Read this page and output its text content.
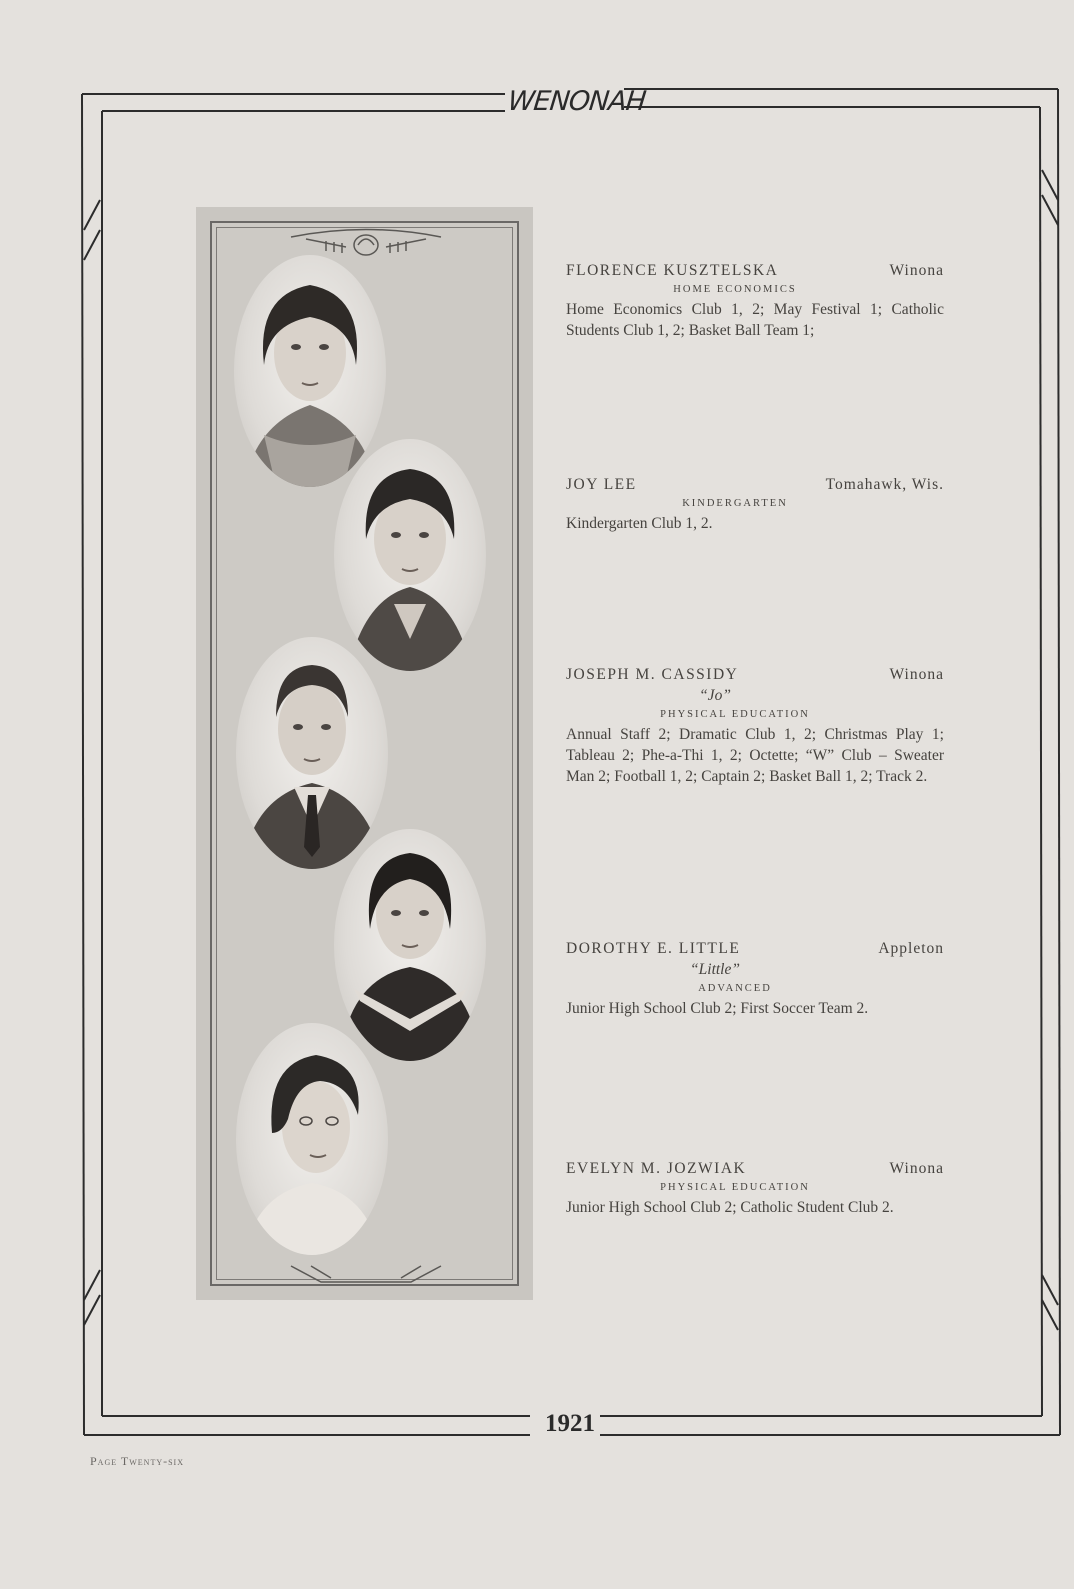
WENONAH
1921
Page Twenty-six
FLORENCE KUSZTELSKA	Winona
HOME ECONOMICS
Home Economics Club 1, 2; May Festival 1; Catholic Students Club 1, 2; Basket Ball Team 1;
JOY LEE	Tomahawk, Wis.
KINDERGARTEN
Kindergarten Club 1, 2.
JOSEPH M. CASSIDY	Winona
“Jo”
PHYSICAL EDUCATION
Annual Staff 2; Dramatic Club 1, 2; Christmas Play 1; Tableau 2; Phe-a-Thi 1, 2; Octette; “W” Club – Sweater Man 2; Football 1, 2; Captain 2; Basket Ball 1, 2; Track 2.
DOROTHY E. LITTLE	Appleton
“Little”
ADVANCED
Junior High School Club 2; First Soccer Team 2.
EVELYN M. JOZWIAK	Winona
PHYSICAL EDUCATION
Junior High School Club 2; Catholic Student Club 2.
